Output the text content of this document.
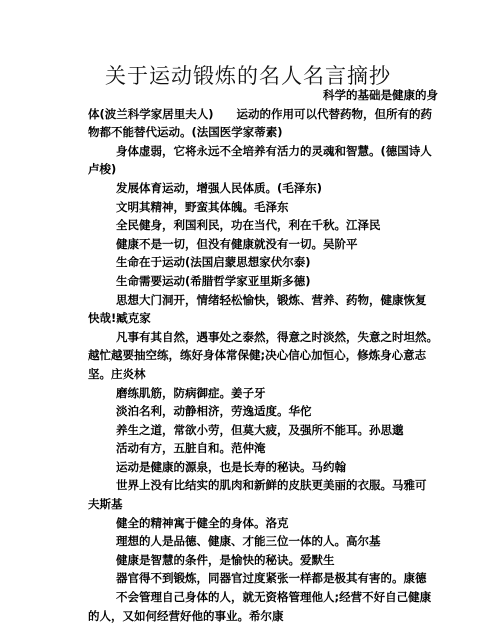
关于运动锻炼的名人名言摘抄
科学的基础是健康的身
体(波兰科学家居里夫人)　　运动的作用可以代替药物，但所有的药
物都不能替代运动。(法国医学家蒂素)
身体虚弱，它将永远不全培养有活力的灵魂和智慧。(德国诗人
卢梭)
发展体育运动，增强人民体质。(毛泽东)
文明其精神，野蛮其体魄。毛泽东
全民健身，利国利民，功在当代，利在千秋。江泽民
健康不是一切，但没有健康就没有一切。吴阶平
生命在于运动(法国启蒙思想家伏尔泰)
生命需要运动(希腊哲学家亚里斯多德)
思想大门洞开，情绪轻松愉快，锻炼、营养、药物，健康恢复
快哉!臧克家
凡事有其自然，遇事处之泰然，得意之时淡然，失意之时坦然。
越忙越要抽空练，练好身体常保健;决心信心加恒心，修炼身心意志
坚。庄炎林
磨练肌筋，防病御症。姜子牙
淡泊名利，动静相济，劳逸适度。华佗
养生之道，常欲小劳，但莫大疲，及强所不能耳。孙思邈
活动有方，五脏自和。范仲淹
运动是健康的源泉，也是长寿的秘诀。马约翰
世界上没有比结实的肌肉和新鲜的皮肤更美丽的衣服。马雅可
夫斯基
健全的精神寓于健全的身体。洛克
理想的人是品德、健康、才能三位一体的人。高尔基
健康是智慧的条件，是愉快的秘诀。爱默生
器官得不到锻炼，同器官过度紧张一样都是极其有害的。康德
不会管理自己身体的人，就无资格管理他人;经营不好自己健康
的人，又如何经营好他的事业。希尔康
